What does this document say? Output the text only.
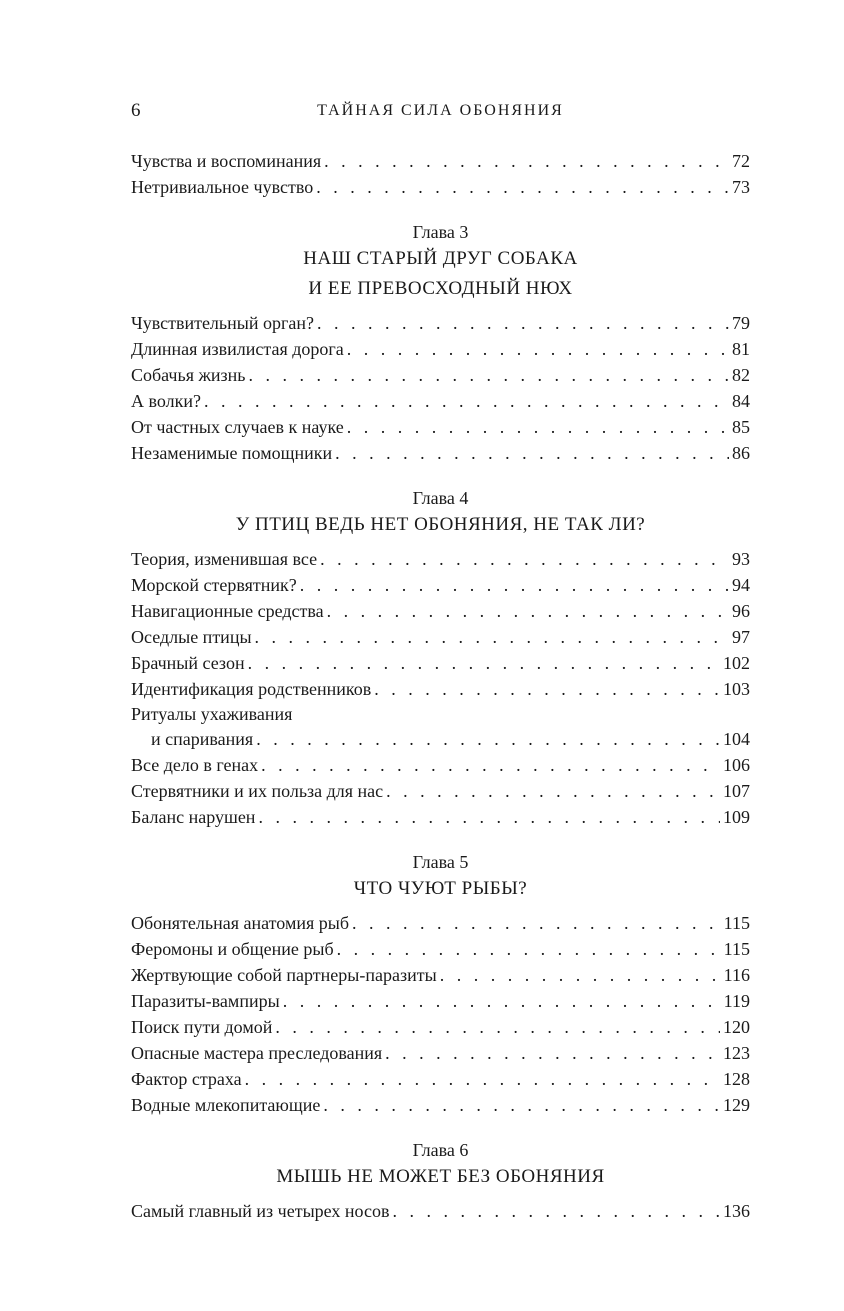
6	ТАЙНАЯ СИЛА ОБОНЯНИЯ
Чувства и воспоминания . . .	72
Нетривиальное чувство . . .	73
Глава 3
НАШ СТАРЫЙ ДРУГ СОБАКА
И ЕЕ ПРЕВОСХОДНЫЙ НЮХ
Чувствительный орган? . . .	79
Длинная извилистая дорога . . .	81
Собачья жизнь . . .	82
А волки? . . .	84
От частных случаев к науке . . .	85
Незаменимые помощники . . .	86
Глава 4
У ПТИЦ ВЕДЬ НЕТ ОБОНЯНИЯ, НЕ ТАК ЛИ?
Теория, изменившая все . . .	93
Морской стервятник? . . .	94
Навигационные средства . . .	96
Оседлые птицы . . .	97
Брачный сезон . . .	102
Идентификация родственников . . .	103
Ритуалы ухаживания
и спаривания . . .	104
Все дело в генах . . .	106
Стервятники и их польза для нас . . .	107
Баланс нарушен . . .	109
Глава 5
ЧТО ЧУЮТ РЫБЫ?
Обонятельная анатомия рыб . . .	115
Феромоны и общение рыб . . .	115
Жертвующие собой партнеры-паразиты . . .	116
Паразиты-вампиры . . .	119
Поиск пути домой . . .	120
Опасные мастера преследования . . .	123
Фактор страха . . .	128
Водные млекопитающие . . .	129
Глава 6
МЫШЬ НЕ МОЖЕТ БЕЗ ОБОНЯНИЯ
Самый главный из четырех носов . . .	136
